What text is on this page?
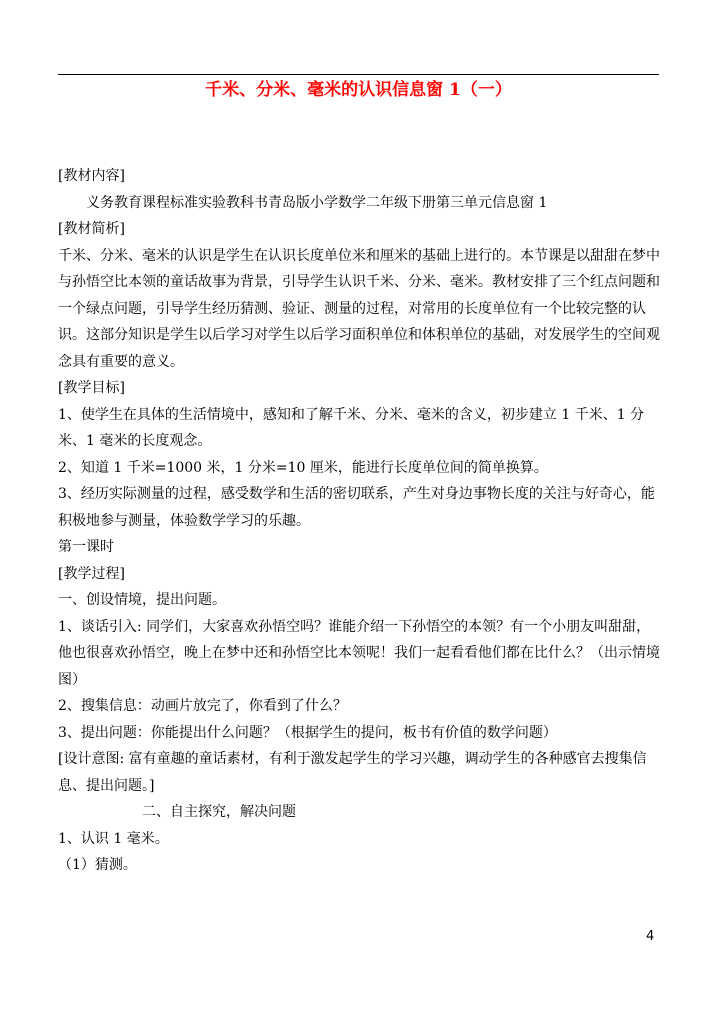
千米、分米、毫米的认识信息窗 1（一）

[教材内容]

义务教育课程标准实验教科书青岛版小学数学二年级下册第三单元信息窗 1

[教材简析]

千米、分米、毫米的认识是学生在认识长度单位米和厘米的基础上进行的。本节课是以甜甜在梦中与孙悟空比本领的童话故事为背景，引导学生认识千米、分米、毫米。教材安排了三个红点问题和一个绿点问题，引导学生经历猜测、验证、测量的过程，对常用的长度单位有一个比较完整的认识。这部分知识是学生以后学习对学生以后学习面积单位和体积单位的基础，对发展学生的空间观念具有重要的意义。

[教学目标]

1、使学生在具体的生活情境中，感知和了解千米、分米、毫米的含义，初步建立 1 千米、1 分米、1 毫米的长度观念。

2、知道 1 千米=1000 米，1 分米=10 厘米，能进行长度单位间的简单换算。

3、经历实际测量的过程，感受数学和生活的密切联系，产生对身边事物长度的关注与好奇心，能积极地参与测量，体验数学学习的乐趣。

第一课时

[教学过程]

一、创设情境，提出问题。

1、谈话引入: 同学们，大家喜欢孙悟空吗？谁能介绍一下孙悟空的本领？有一个小朋友叫甜甜，他也很喜欢孙悟空，晚上在梦中还和孙悟空比本领呢！我们一起看看他们都在比什么？（出示情境图）

2、搜集信息：动画片放完了，你看到了什么？

3、提出问题：你能提出什么问题？（根据学生的提问，板书有价值的数学问题）

[设计意图: 富有童趣的童话素材，有利于激发起学生的学习兴趣，调动学生的各种感官去搜集信息、提出问题。]

二、自主探究，解决问题

1、认识 1 毫米。

（1）猜测。

4
